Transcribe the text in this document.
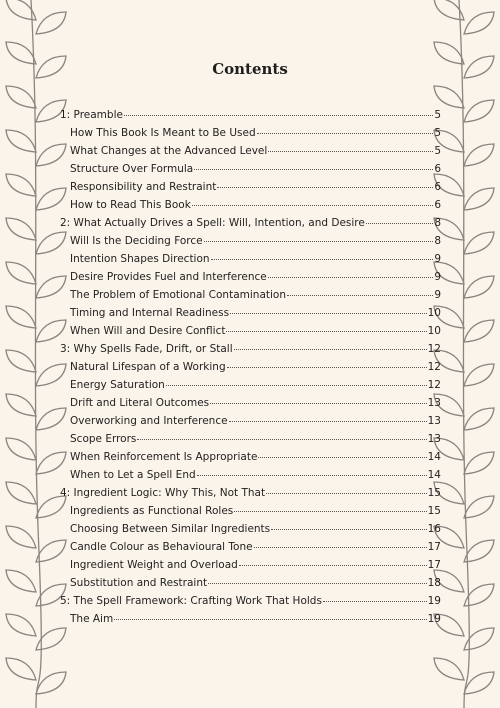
Contents
1: Preamble	5
How This Book Is Meant to Be Used	5
What Changes at the Advanced Level	5
Structure Over Formula	6
Responsibility and Restraint	6
How to Read This Book	6
2: What Actually Drives a Spell: Will, Intention, and Desire	8
Will Is the Deciding Force	8
Intention Shapes Direction	9
Desire Provides Fuel and Interference	9
The Problem of Emotional Contamination	9
Timing and Internal Readiness	10
When Will and Desire Conflict	10
3: Why Spells Fade, Drift, or Stall	12
Natural Lifespan of a Working	12
Energy Saturation	12
Drift and Literal Outcomes	13
Overworking and Interference	13
Scope Errors	13
When Reinforcement Is Appropriate	14
When to Let a Spell End	14
4: Ingredient Logic: Why This, Not That	15
Ingredients as Functional Roles	15
Choosing Between Similar Ingredients	16
Candle Colour as Behavioural Tone	17
Ingredient Weight and Overload	17
Substitution and Restraint	18
5: The Spell Framework: Crafting Work That Holds	19
The Aim	19
